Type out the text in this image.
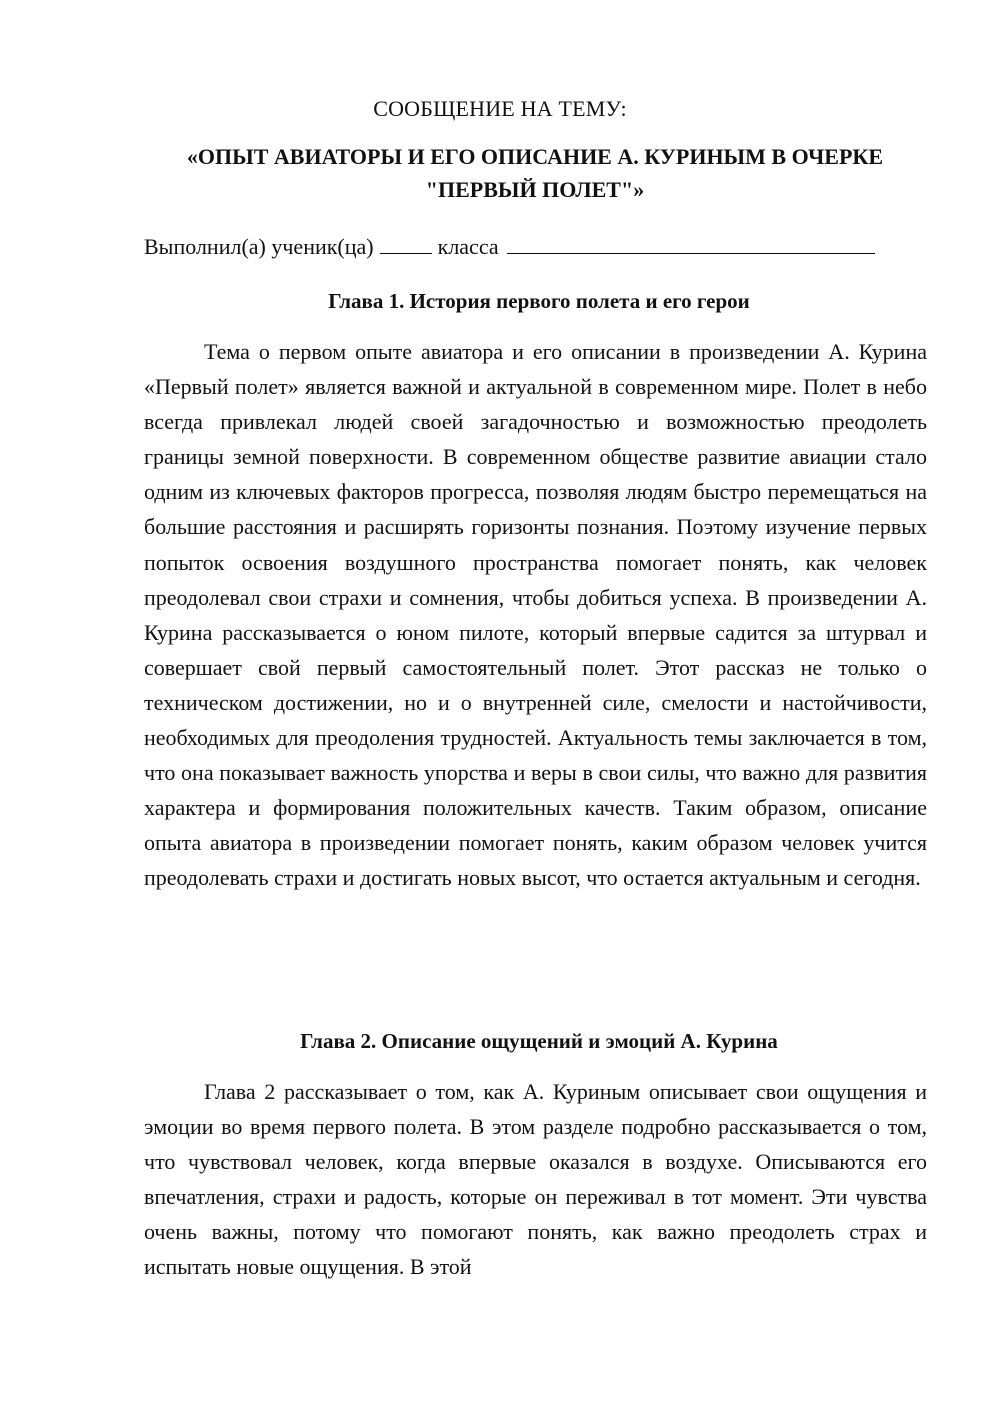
СООБЩЕНИЕ НА ТЕМУ:
«ОПЫТ АВИАТОРЫ И ЕГО ОПИСАНИЕ А. КУРИНЫМ В ОЧЕРКЕ
"ПЕРВЫЙ ПОЛЕТ"»
Выполнил(а) ученик(ца)	класса
Глава 1. История первого полета и его герои

Тема о первом опыте авиатора и его описании в произведении А. Курина «Первый полет» является важной и актуальной в современном мире. Полет в небо всегда привлекал людей своей загадочностью и возможностью преодолеть границы земной поверхности. В современном обществе развитие авиации стало одним из ключевых факторов прогресса, позволяя людям быстро перемещаться на большие расстояния и расширять горизонты познания. Поэтому изучение первых попыток освоения воздушного пространства помогает понять, как человек преодолевал свои страхи и сомнения, чтобы добиться успеха. В произведении А. Курина рассказывается о юном пилоте, который впервые садится за штурвал и совершает свой первый самостоятельный полет. Этот рассказ не только о техническом достижении, но и о внутренней силе, смелости и настойчивости, необходимых для преодоления трудностей. Актуальность темы заключается в том, что она показывает важность упорства и веры в свои силы, что важно для развития характера и формирования положительных качеств. Таким образом, описание опыта авиатора в произведении помогает понять, каким образом человек учится преодолевать страхи и достигать новых высот, что остается актуальным и сегодня.

Глава 2. Описание ощущений и эмоций А. Курина

Глава 2 рассказывает о том, как А. Куриным описывает свои ощущения и эмоции во время первого полета. В этом разделе подробно рассказывается о том, что чувствовал человек, когда впервые оказался в воздухе. Описываются его впечатления, страхи и радость, которые он переживал в тот момент. Эти чувства очень важны, потому что помогают понять, как важно преодолеть страх и испытать новые ощущения. В этой
